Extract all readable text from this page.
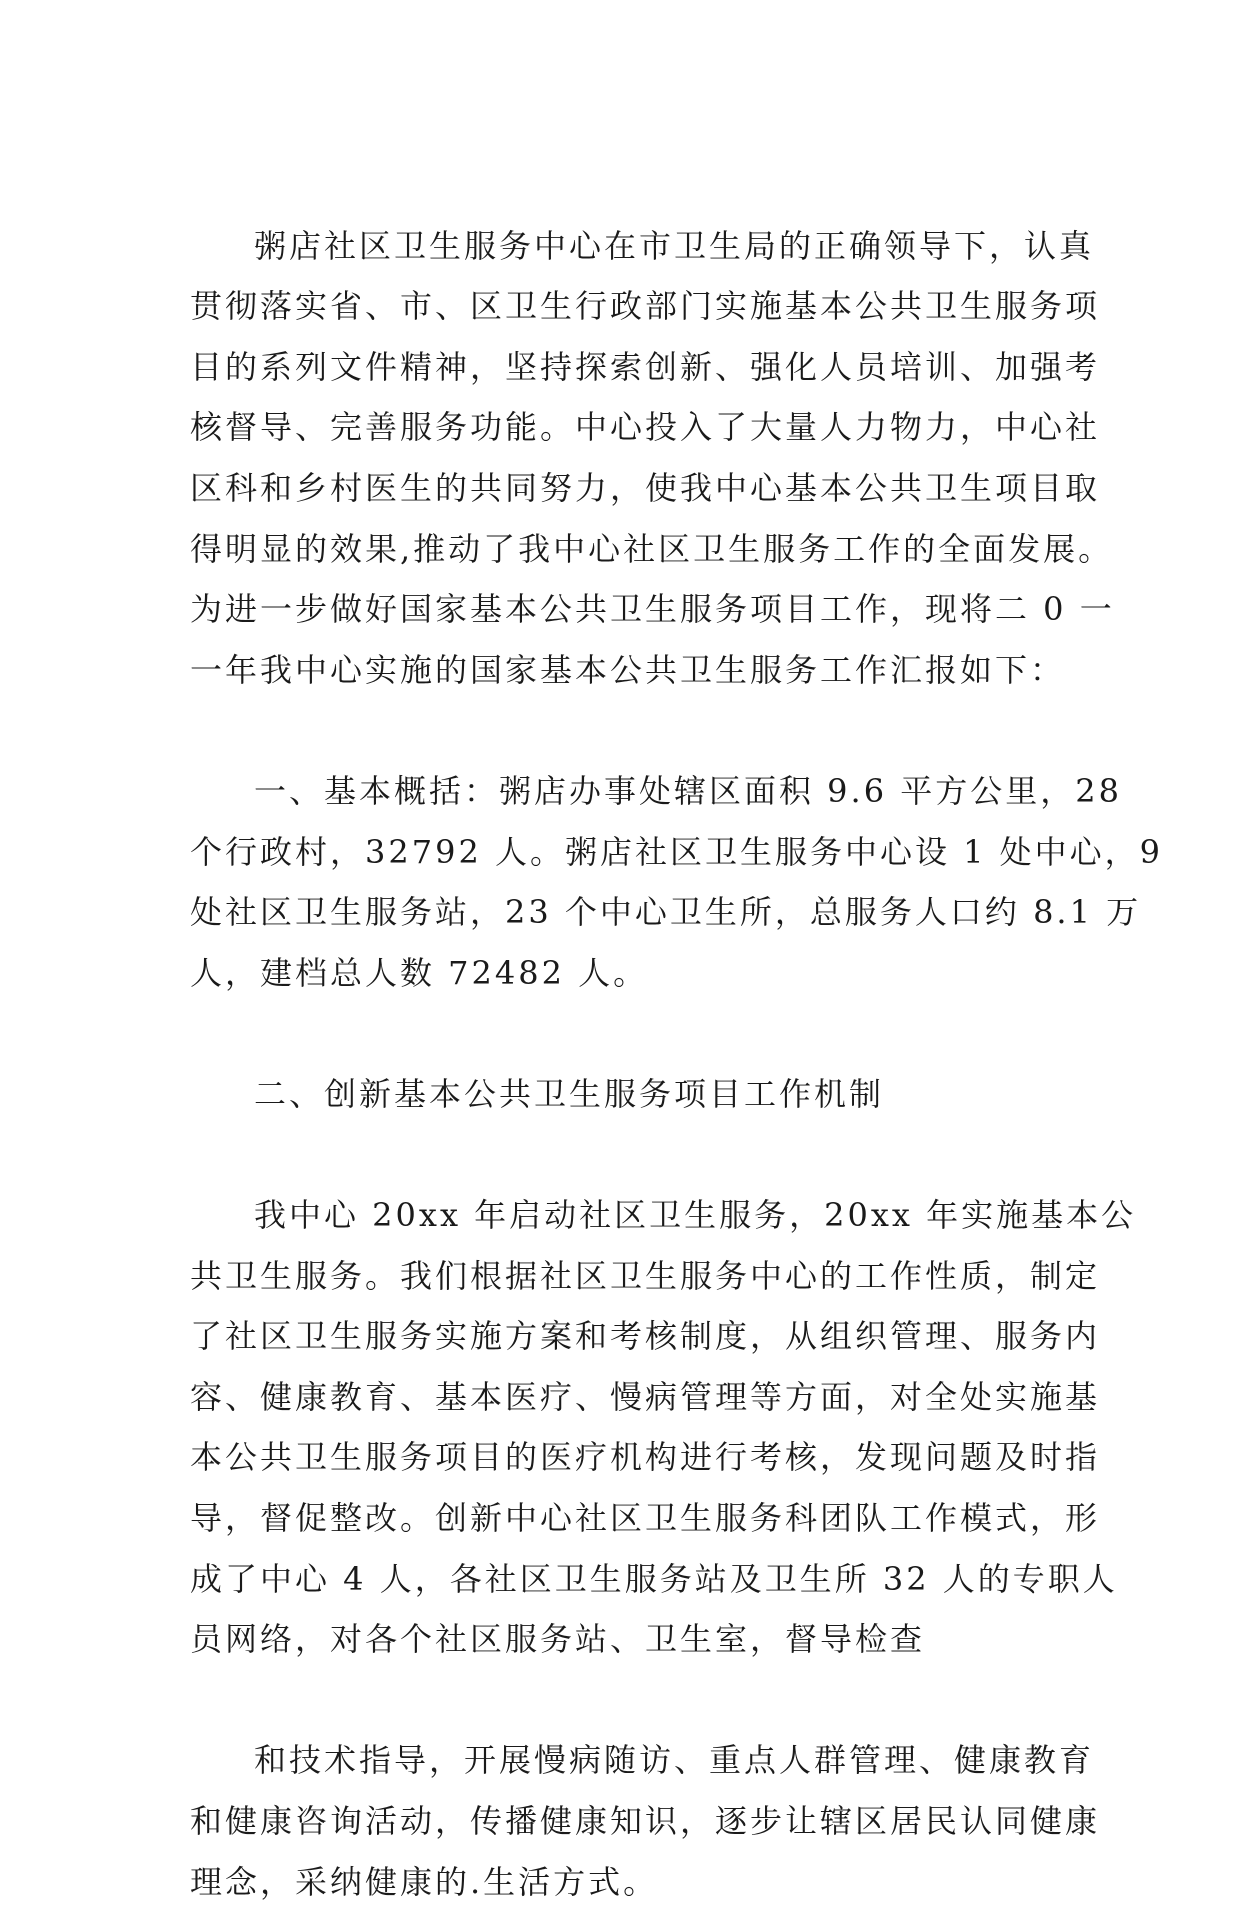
粥店社区卫生服务中心在市卫生局的正确领导下，认真
贯彻落实省、市、区卫生行政部门实施基本公共卫生服务项
目的系列文件精神，坚持探索创新、强化人员培训、加强考
核督导、完善服务功能。中心投入了大量人力物力，中心社
区科和乡村医生的共同努力，使我中心基本公共卫生项目取
得明显的效果,推动了我中心社区卫生服务工作的全面发展。
为进一步做好国家基本公共卫生服务项目工作，现将二 0 一
一年我中心实施的国家基本公共卫生服务工作汇报如下：

一、基本概括：粥店办事处辖区面积 9.6 平方公里，28
个行政村，32792 人。粥店社区卫生服务中心设 1 处中心，9
处社区卫生服务站，23 个中心卫生所，总服务人口约 8.1 万
人，建档总人数 72482 人。

二、创新基本公共卫生服务项目工作机制

我中心 20xx 年启动社区卫生服务，20xx 年实施基本公
共卫生服务。我们根据社区卫生服务中心的工作性质，制定
了社区卫生服务实施方案和考核制度，从组织管理、服务内
容、健康教育、基本医疗、慢病管理等方面，对全处实施基
本公共卫生服务项目的医疗机构进行考核，发现问题及时指
导，督促整改。创新中心社区卫生服务科团队工作模式，形
成了中心 4 人，各社区卫生服务站及卫生所 32 人的专职人
员网络，对各个社区服务站、卫生室，督导检查

和技术指导，开展慢病随访、重点人群管理、健康教育
和健康咨询活动，传播健康知识，逐步让辖区居民认同健康
理念，采纳健康的.生活方式。
